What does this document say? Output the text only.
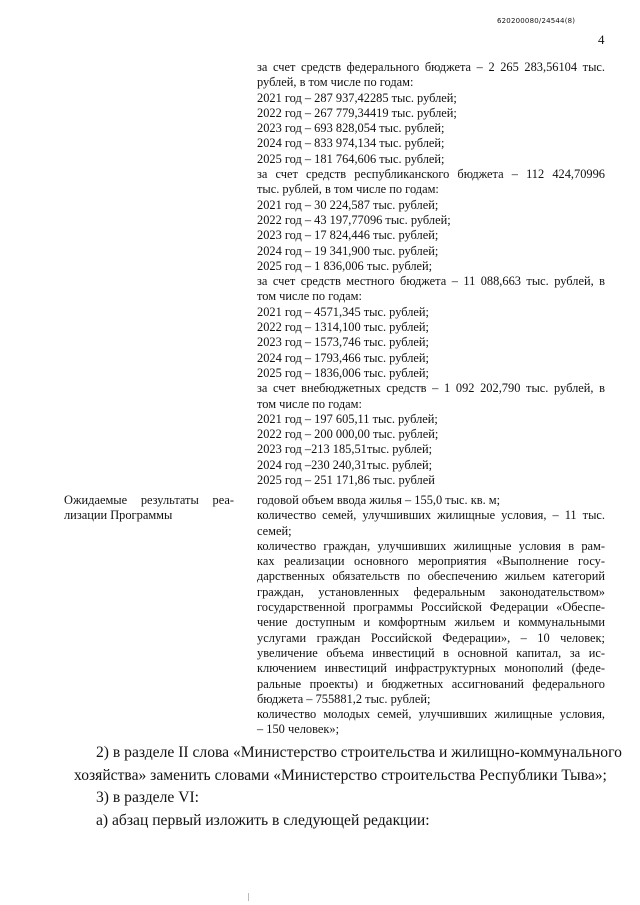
620200080/24544(8)
4
за счет средств федерального бюджета – 2 265 283,56104 тыс.
рублей, в том числе по годам:
2021 год – 287 937,42285 тыс. рублей;
2022 год – 267 779,34419 тыс. рублей;
2023 год – 693 828,054 тыс. рублей;
2024 год – 833 974,134 тыс. рублей;
2025 год – 181 764,606 тыс. рублей;
за счет средств республиканского бюджета – 112 424,70996
тыс. рублей, в том числе по годам:
2021 год – 30 224,587 тыс. рублей;
2022 год – 43 197,77096 тыс. рублей;
2023 год – 17 824,446 тыс. рублей;
2024 год – 19 341,900 тыс. рублей;
2025 год – 1 836,006 тыс. рублей;
за счет средств местного бюджета – 11 088,663 тыс. рублей, в
том числе по годам:
2021 год – 4571,345 тыс. рублей;
2022 год – 1314,100 тыс. рублей;
2023 год – 1573,746 тыс. рублей;
2024 год – 1793,466 тыс. рублей;
2025 год – 1836,006 тыс. рублей;
за счет внебюджетных средств – 1 092 202,790 тыс. рублей, в
том числе по годам:
2021 год – 197 605,11 тыс. рублей;
2022 год – 200 000,00 тыс. рублей;
2023 год –213 185,51тыс. рублей;
2024 год –230 240,31тыс. рублей;
2025 год – 251 171,86 тыс. рублей
Ожидаемые результаты реа-
лизации Программы
годовой объем ввода жилья – 155,0 тыс. кв. м;
количество семей, улучшивших жилищные условия, – 11 тыс.
семей;
количество граждан, улучшивших жилищные условия в рам-
ках реализации основного мероприятия «Выполнение госу-
дарственных обязательств по обеспечению жильем категорий
граждан, установленных федеральным законодательством»
государственной программы Российской Федерации «Обеспе-
чение доступным и комфортным жильем и коммунальными
услугами граждан Российской Федерации», – 10 человек;
увеличение объема инвестиций в основной капитал, за ис-
ключением инвестиций инфраструктурных монополий (феде-
ральные проекты) и бюджетных ассигнований федерального
бюджета – 755881,2 тыс. рублей;
количество молодых семей, улучшивших жилищные условия,
– 150 человек»;
2) в разделе II слова «Министерство строительства и жилищно-коммунального
хозяйства» заменить словами «Министерство строительства Республики Тыва»;
3) в разделе VI:
а) абзац первый изложить в следующей редакции:
